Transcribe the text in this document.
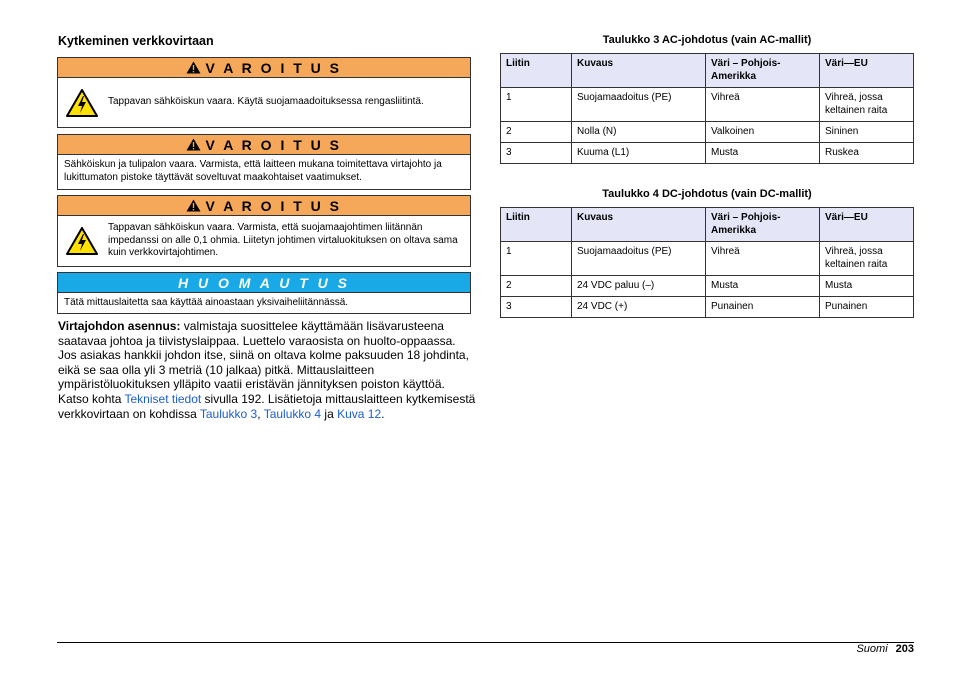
Kytkeminen verkkovirtaan
V A R O I T U S
Tappavan sähköiskun vaara. Käytä suojamaadoituksessa rengasliitintä.
V A R O I T U S
Sähköiskun ja tulipalon vaara. Varmista, että laitteen mukana toimitettava virtajohto ja lukittumaton pistoke täyttävät soveltuvat maakohtaiset vaatimukset.
V A R O I T U S
Tappavan sähköiskun vaara. Varmista, että suojamaajohtimen liitännän impedanssi on alle 0,1 ohmia. Liitetyn johtimen virtaluokituksen on oltava sama kuin verkkovirtajohtimen.
H U O M A U T U S
Tätä mittauslaitetta saa käyttää ainoastaan yksivaiheliitännässä.
Virtajohdon asennus: valmistaja suosittelee käyttämään lisävarusteena saatavaa johtoa ja tiivistyslaippaa. Luettelo varaosista on huolto-oppaassa. Jos asiakas hankkii johdon itse, siinä on oltava kolme paksuuden 18 johdinta, eikä se saa olla yli 3 metriä (10 jalkaa) pitkä. Mittauslaitteen ympäristöluokituksen ylläpito vaatii eristävän jännityksen poiston käyttöä. Katso kohta Tekniset tiedot sivulla 192. Lisätietoja mittauslaitteen kytkemisestä verkkovirtaan on kohdissa Taulukko 3, Taulukko 4 ja Kuva 12.
Taulukko 3 AC-johdotus (vain AC-mallit)
Liitin	Kuvaus	Väri – Pohjois-Amerikka	Väri—EU
1	Suojamaadoitus (PE)	Vihreä	Vihreä, jossa keltainen raita
2	Nolla (N)	Valkoinen	Sininen
3	Kuuma (L1)	Musta	Ruskea
Taulukko 4 DC-johdotus (vain DC-mallit)
Liitin	Kuvaus	Väri – Pohjois-Amerikka	Väri—EU
1	Suojamaadoitus (PE)	Vihreä	Vihreä, jossa keltainen raita
2	24 VDC paluu (–)	Musta	Musta
3	24 VDC (+)	Punainen	Punainen
Suomi 203
